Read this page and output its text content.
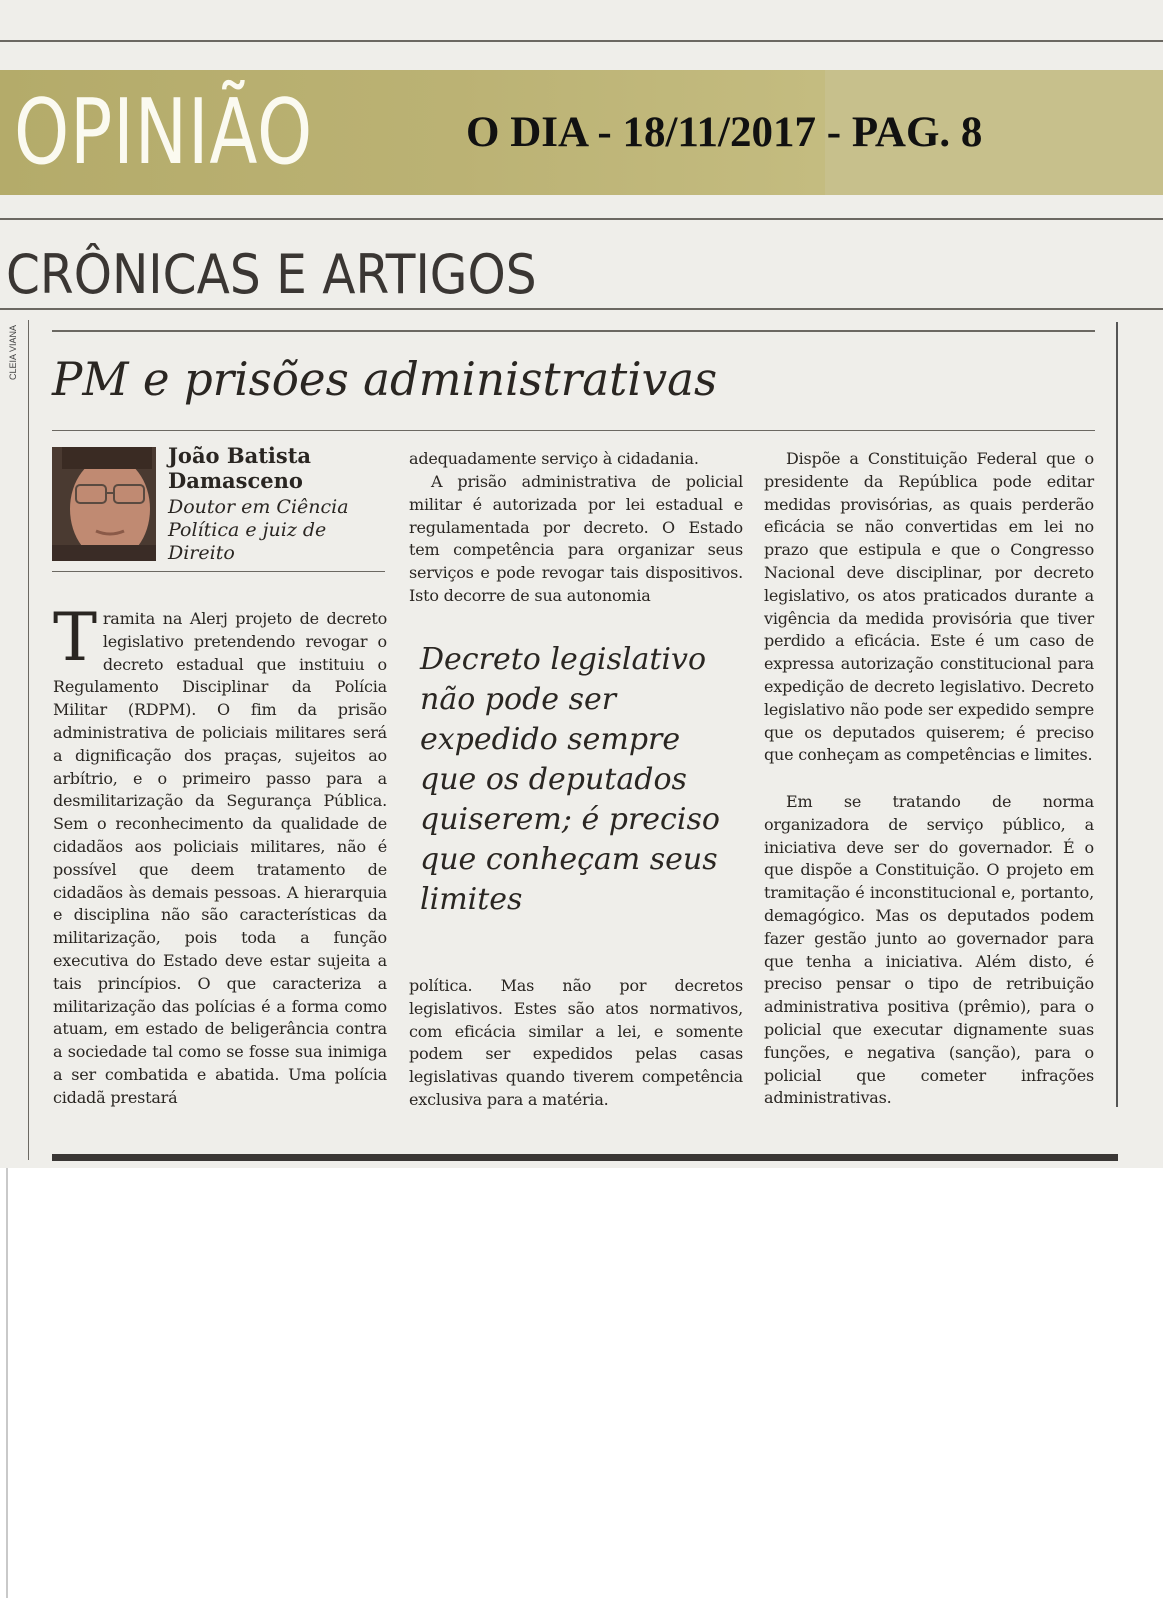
OPINIÃO	O DIA - 18/11/2017 - PAG. 8
CRÔNICAS E ARTIGOS
CLEIA VIANA PM e prisões administrativas
João Batista Damasceno
Doutor em Ciência Política e juiz de Direito

Tramita na Alerj projeto de decreto legislativo pretendendo revogar o decreto estadual que instituiu o Regulamento Disciplinar da Polícia Militar (RDPM). O fim da prisão administrativa de policiais militares será a dignificação dos praças, sujeitos ao arbítrio, e o primeiro passo para a desmilitarização da Segurança Pública. Sem o reconhecimento da qualidade de cidadãos aos policiais militares, não é possível que deem tratamento de cidadãos às demais pessoas. A hierarquia e disciplina não são características da militarização, pois toda a função executiva do Estado deve estar sujeita a tais princípios. O que caracteriza a militarização das polícias é a forma como atuam, em estado de beligerância contra a sociedade tal como se fosse sua inimiga a ser combatida e abatida. Uma polícia cidadã prestará

adequadamente serviço à cidadania.

A prisão administrativa de policial militar é autorizada por lei estadual e regulamentada por decreto. O Estado tem competência para organizar seus serviços e pode revogar tais dispositivos. Isto decorre de sua autonomia

Decreto legislativo não pode ser expedido sempre que os deputados quiserem; é preciso que conheçam seus limites

política. Mas não por decretos legislativos. Estes são atos normativos, com eficácia similar a lei, e somente podem ser expedidos pelas casas legislativas quando tiverem competência exclusiva para a matéria.

Dispõe a Constituição Federal que o presidente da República pode editar medidas provisórias, as quais perderão eficácia se não convertidas em lei no prazo que estipula e que o Congresso Nacional deve disciplinar, por decreto legislativo, os atos praticados durante a vigência da medida provisória que tiver perdido a eficácia. Este é um caso de expressa autorização constitucional para expedição de decreto legislativo. Decreto legislativo não pode ser expedido sempre que os deputados quiserem; é preciso que conheçam as competências e limites.

Em se tratando de norma organizadora de serviço público, a iniciativa deve ser do governador. É o que dispõe a Constituição. O projeto em tramitação é inconstitucional e, portanto, demagógico. Mas os deputados podem fazer gestão junto ao governador para que tenha a iniciativa. Além disto, é preciso pensar o tipo de retribuição administrativa positiva (prêmio), para o policial que executar dignamente suas funções, e negativa (sanção), para o policial que cometer infrações administrativas.
